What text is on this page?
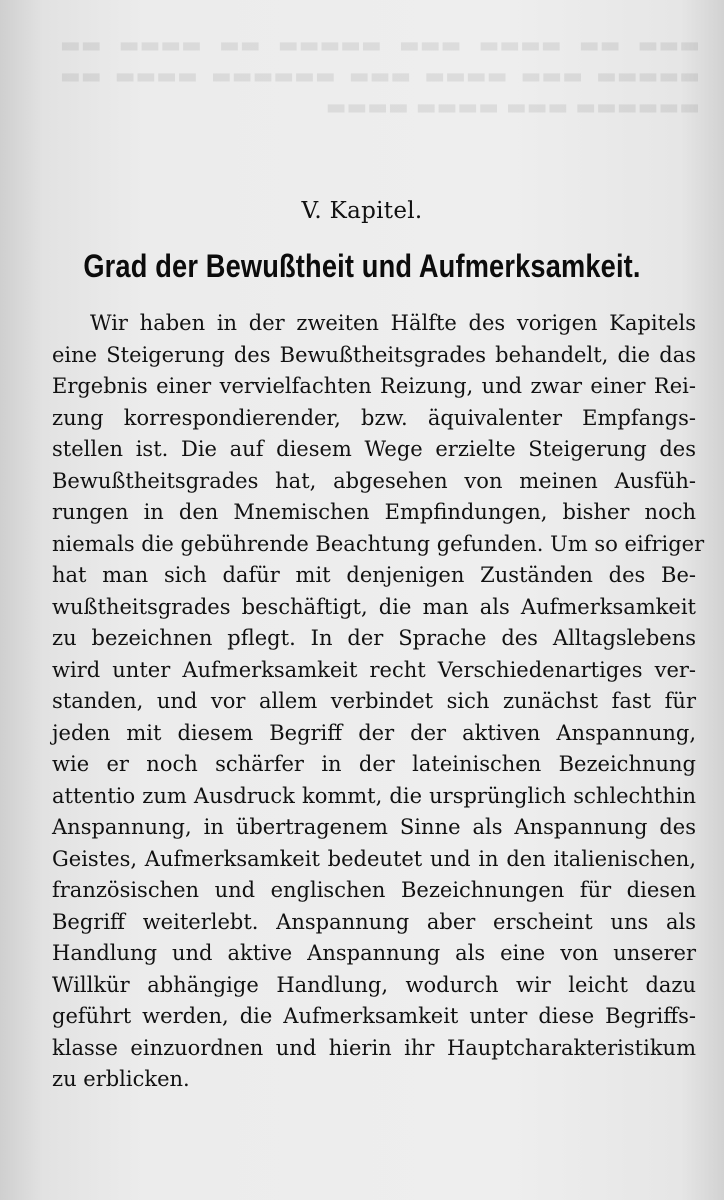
▬▬▬ ▬▬ ▬▬▬▬ ▬▬▬ ▬▬▬▬▬ ▬▬ ▬▬▬▬ ▬▬ ▬▬▬▬▬ ▬▬▬ ▬▬▬▬ ▬▬▬ ▬▬▬▬▬▬ ▬▬▬▬ ▬▬ ▬▬▬▬▬▬ ▬▬▬ ▬▬▬▬ ▬▬▬▬
V. Kapitel.
Grad der Bewußtheit und Aufmerksamkeit.
Wir haben in der zweiten Hälfte des vorigen Kapitels
eine Steigerung des Bewußtheitsgrades behandelt, die das
Ergebnis einer vervielfachten Reizung, und zwar einer Rei-
zung korrespondierender, bzw. äquivalenter Empfangs-
stellen ist. Die auf diesem Wege erzielte Steigerung des
Bewußtheitsgrades hat, abgesehen von meinen Ausfüh-
rungen in den Mnemischen Empfindungen, bisher noch
niemals die gebührende Beachtung gefunden. Um so eifriger
hat man sich dafür mit denjenigen Zuständen des Be-
wußtheitsgrades beschäftigt, die man als Aufmerksamkeit
zu bezeichnen pflegt. In der Sprache des Alltagslebens
wird unter Aufmerksamkeit recht Verschiedenartiges ver-
standen, und vor allem verbindet sich zunächst fast für
jeden mit diesem Begriff der der aktiven Anspannung,
wie er noch schärfer in der lateinischen Bezeichnung
attentio zum Ausdruck kommt, die ursprünglich schlechthin
Anspannung, in übertragenem Sinne als Anspannung des
Geistes, Aufmerksamkeit bedeutet und in den italienischen,
französischen und englischen Bezeichnungen für diesen
Begriff weiterlebt. Anspannung aber erscheint uns als
Handlung und aktive Anspannung als eine von unserer
Willkür abhängige Handlung, wodurch wir leicht dazu
geführt werden, die Aufmerksamkeit unter diese Begriffs-
klasse einzuordnen und hierin ihr Hauptcharakteristikum
zu erblicken.
